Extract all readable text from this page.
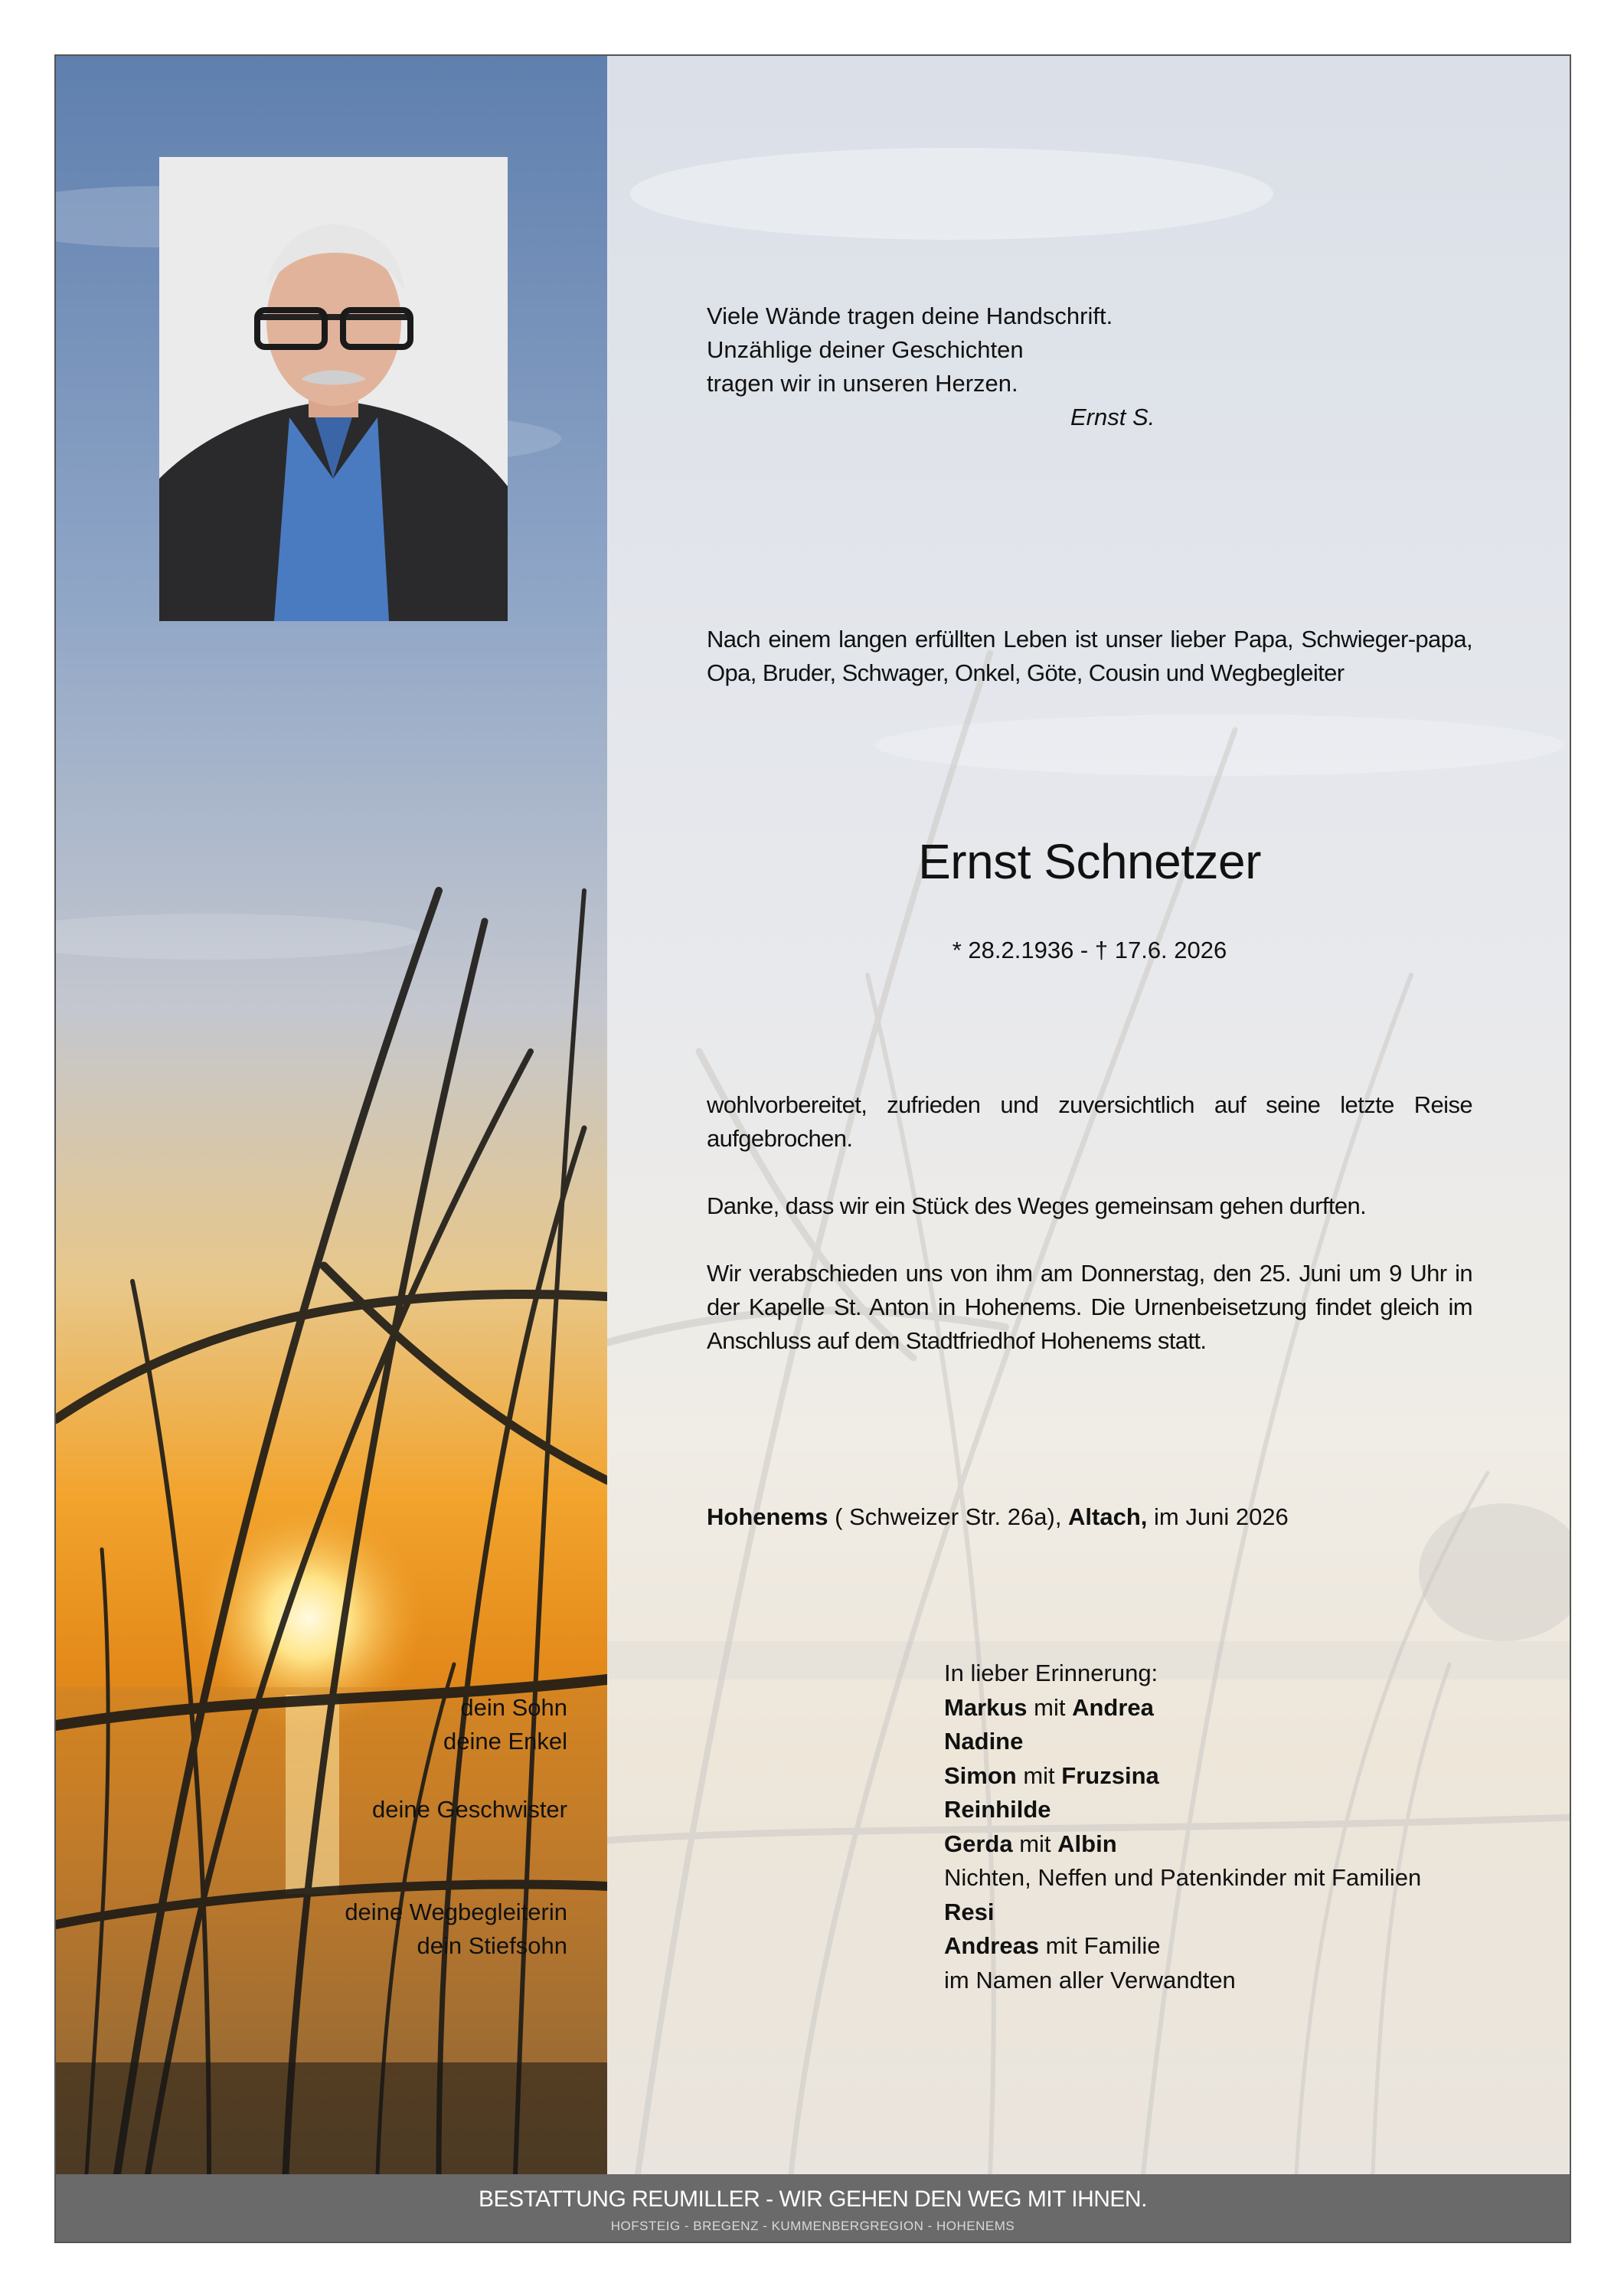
Viele Wände tragen deine Handschrift.
Unzählige deiner Geschichten
tragen wir in unseren Herzen.
Ernst S.
Nach einem langen erfüllten Leben ist unser lieber Papa, Schwieger-papa, Opa, Bruder, Schwager, Onkel, Göte, Cousin und Wegbegleiter
Ernst Schnetzer
* 28.2.1936 - † 17.6. 2026

wohlvorbereitet, zufrieden und zuversichtlich auf seine letzte Reise aufgebrochen.

Danke, dass wir ein Stück des Weges gemeinsam gehen durften.

Wir verabschieden uns von ihm am Donnerstag, den 25. Juni um 9 Uhr in der Kapelle St. Anton in Hohenems. Die Urnenbeisetzung findet gleich im Anschluss auf dem Stadtfriedhof Hohenems statt.

Hohenems ( Schweizer Str. 26a), Altach, im Juni 2026
In lieber Erinnerung:
dein Sohn	Markus mit Andrea
deine Enkel	Nadine
Simon mit Fruzsina
deine Geschwister	Reinhilde
Gerda mit Albin
Nichten, Neffen und Patenkinder mit Familien
deine Wegbegleiterin	Resi
dein Stiefsohn	Andreas mit Familie
im Namen aller Verwandten
BESTATTUNG REUMILLER - WIR GEHEN DEN WEG MIT IHNEN.
HOFSTEIG - BREGENZ - KUMMENBERGREGION - HOHENEMS
